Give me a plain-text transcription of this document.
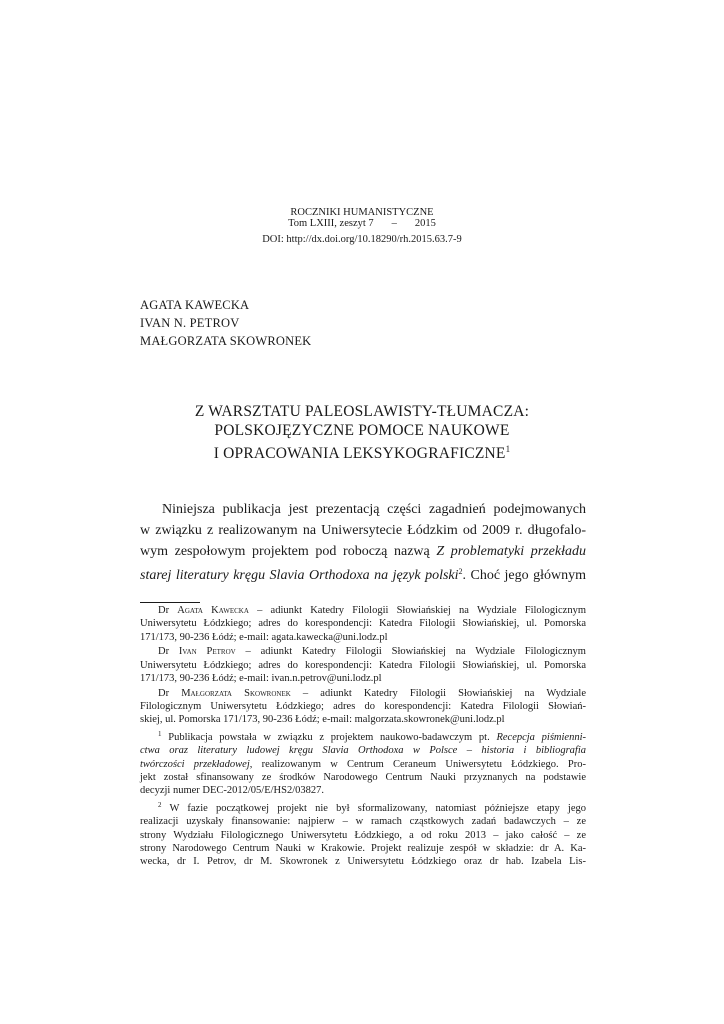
ROCZNIKI HUMANISTYCZNE
Tom LXIII, zeszyt 7 – 2015
DOI: http://dx.doi.org/10.18290/rh.2015.63.7-9
AGATA KAWECKA
IVAN N. PETROV
MAŁGORZATA SKOWRONEK
Z WARSZTATU PALEOSLAWISTY-TŁUMACZA:
POLSKOJĘZYCZNE POMOCE NAUKOWE
I OPRACOWANIA LEKSYKOGRAFICZNE$^1$
Niniejsza publikacja jest prezentacją części zagadnień podejmowanych
w związku z realizowanym na Uniwersytecie Łódzkim od 2009 r. długofalo-
wym zespołowym projektem pod roboczą nazwą Z problematyki przekładu
starej literatury kręgu Slavia Orthodoxa na język polski$^2$. Choć jego głównym
Dr Agata Kawecka – adiunkt Katedry Filologii Słowiańskiej na Wydziale Filologicznym
Uniwersytetu Łódzkiego; adres do korespondencji: Katedra Filologii Słowiańskiej, ul. Pomorska
171/173, 90-236 Łódź; e-mail: agata.kawecka@uni.lodz.pl
Dr Ivan Petrov – adiunkt Katedry Filologii Słowiańskiej na Wydziale Filologicznym
Uniwersytetu Łódzkiego; adres do korespondencji: Katedra Filologii Słowiańskiej, ul. Pomorska
171/173, 90-236 Łódź; e-mail: ivan.n.petrov@uni.lodz.pl
Dr Małgorzata Skowronek – adiunkt Katedry Filologii Słowiańskiej na Wydziale
Filologicznym Uniwersytetu Łódzkiego; adres do korespondencji: Katedra Filologii Słowiań-
skiej, ul. Pomorska 171/173, 90-236 Łódź; e-mail: malgorzata.skowronek@uni.lodz.pl
$^1$ Publikacja powstała w związku z projektem naukowo-badawczym pt. Recepcja piśmienni-
ctwa oraz literatury ludowej kręgu Slavia Orthodoxa w Polsce – historia i bibliografia
twórczości przekładowej, realizowanym w Centrum Ceraneum Uniwersytetu Łódzkiego. Pro-
jekt został sfinansowany ze środków Narodowego Centrum Nauki przyznanych na podstawie
decyzji numer DEC-2012/05/E/HS2/03827.
$^2$ W fazie początkowej projekt nie był sformalizowany, natomiast późniejsze etapy jego
realizacji uzyskały finansowanie: najpierw – w ramach cząstkowych zadań badawczych – ze
strony Wydziału Filologicznego Uniwersytetu Łódzkiego, a od roku 2013 – jako całość – ze
strony Narodowego Centrum Nauki w Krakowie. Projekt realizuje zespół w składzie: dr A. Ka-
wecka, dr I. Petrov, dr M. Skowronek z Uniwersytetu Łódzkiego oraz dr hab. Izabela Lis-
